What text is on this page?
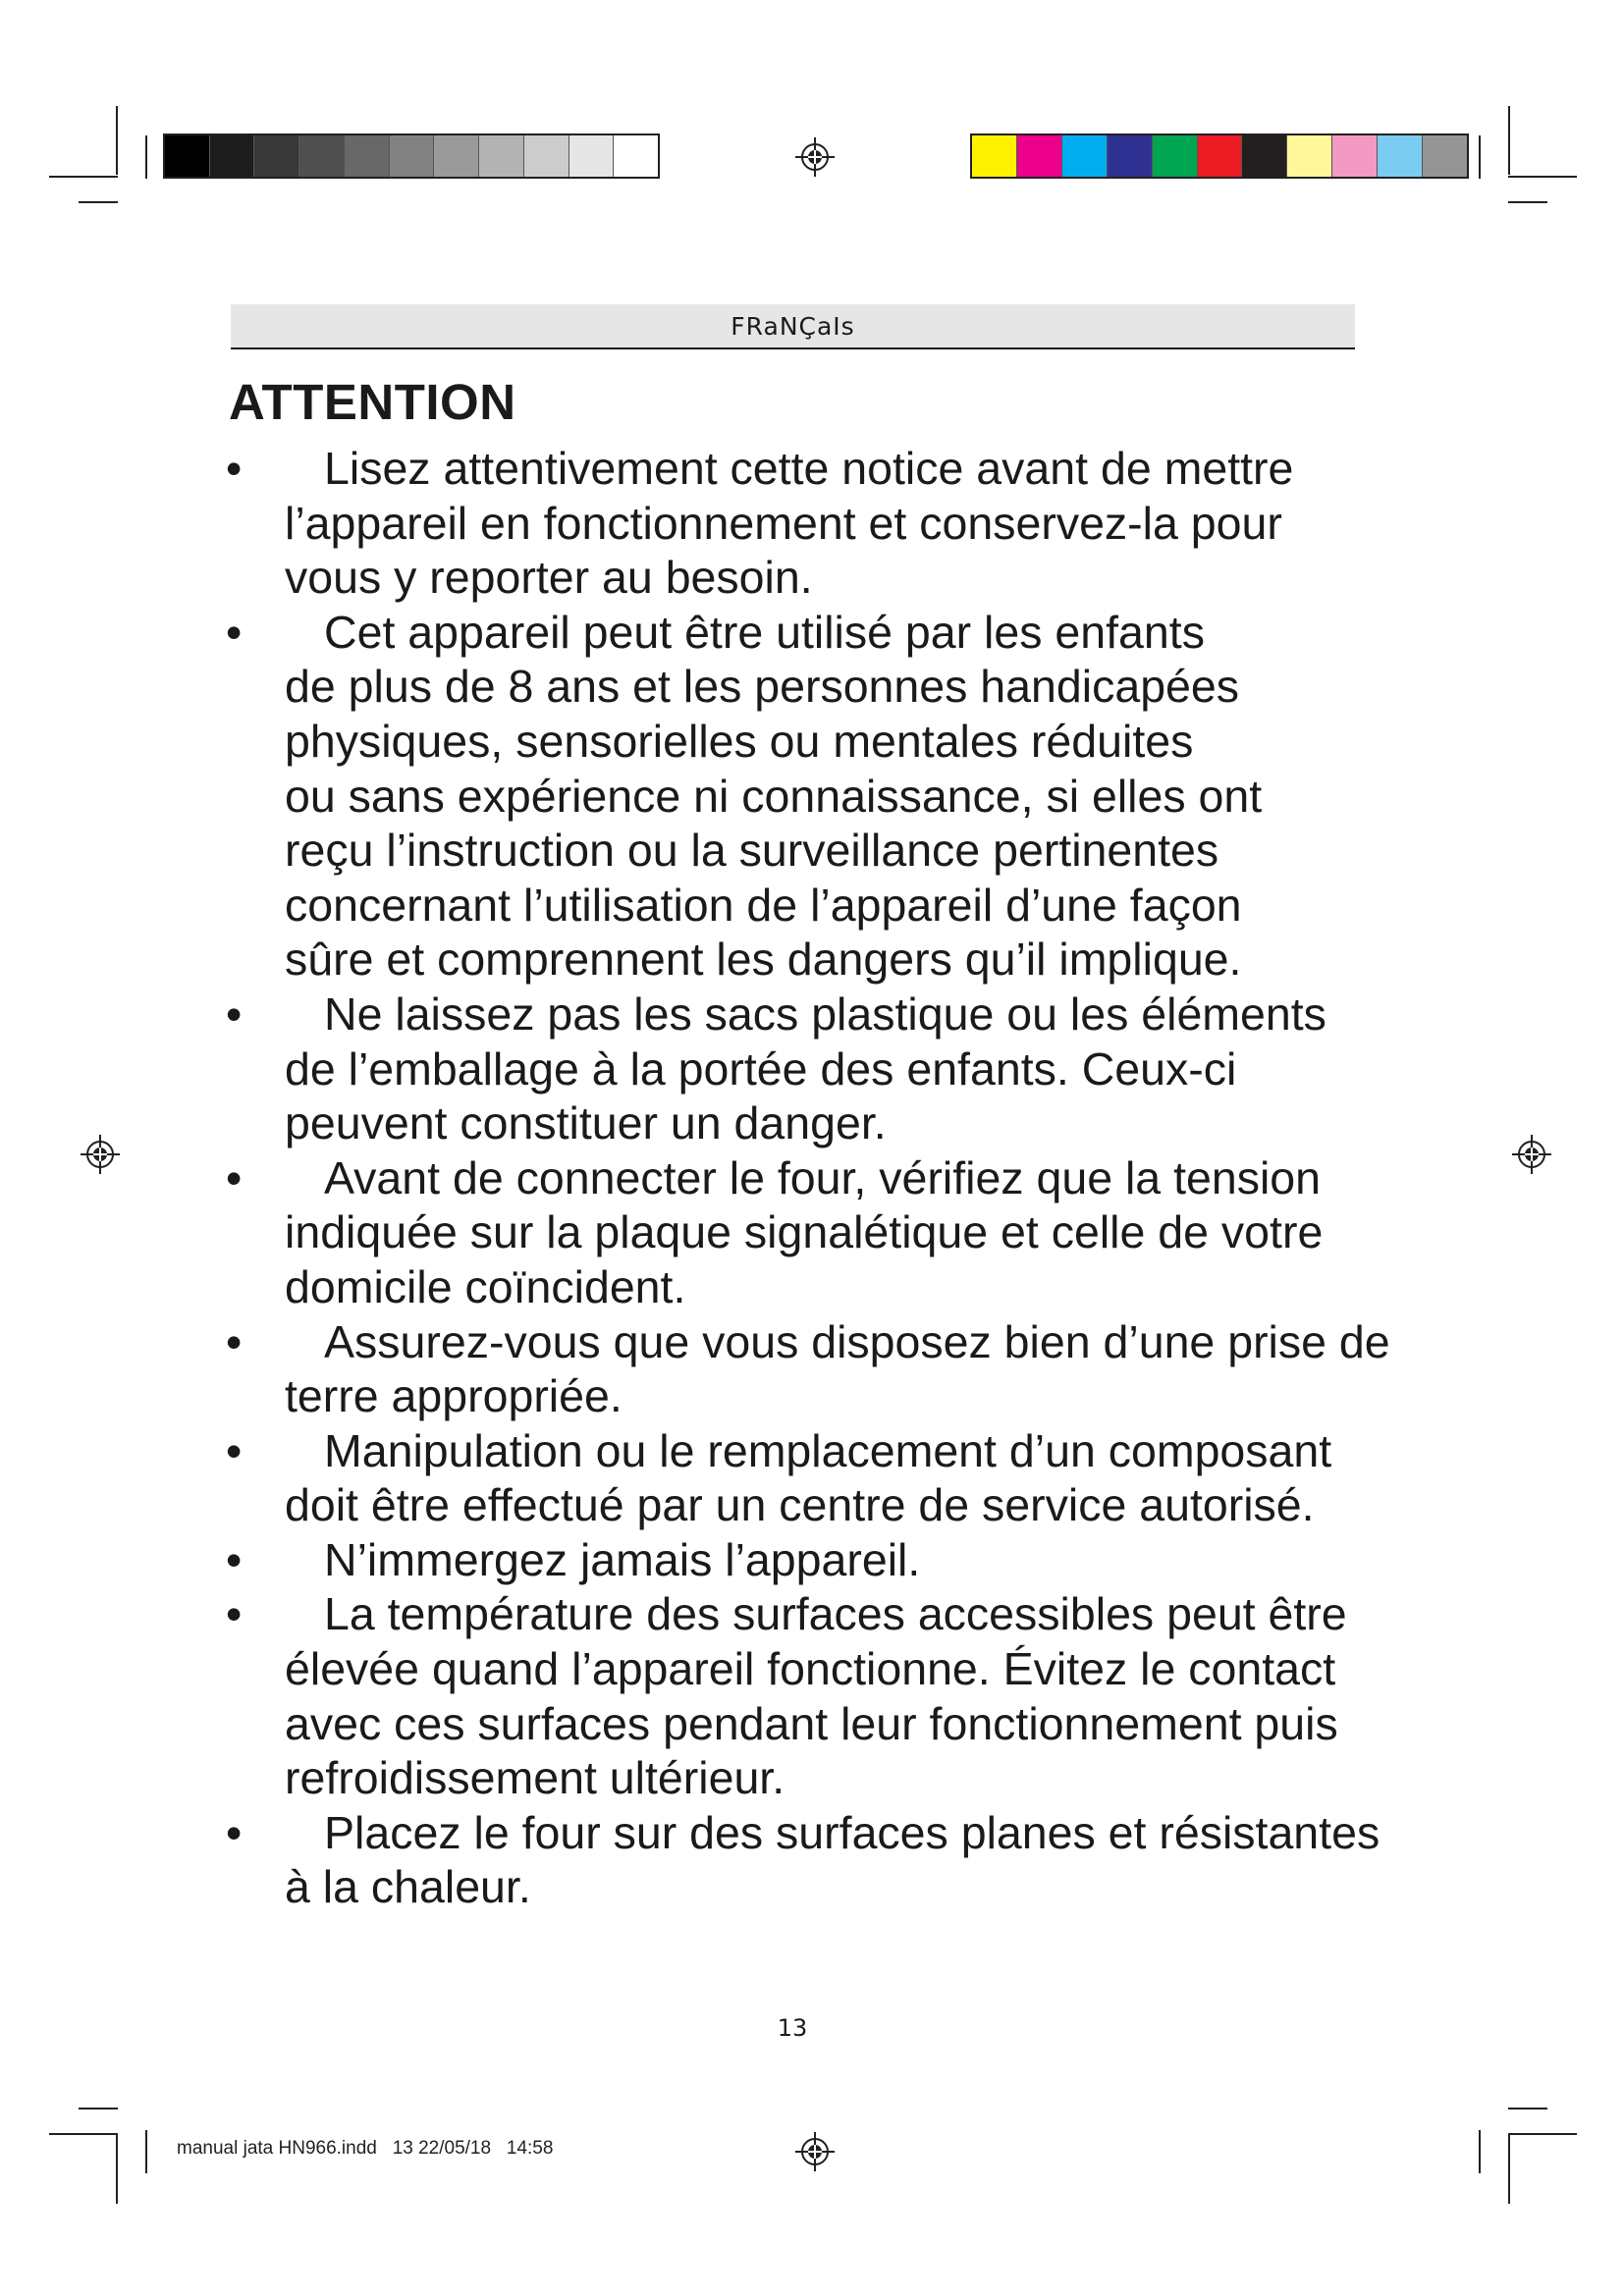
FRaNÇaIs
ATTENTION
•	Lisez attentivement cette notice avant de mettre
l’appareil en fonctionnement et conservez-la pour
vous y reporter au besoin.
•	Cet appareil peut être utilisé par les enfants
de plus de 8 ans et les personnes handicapées
physiques, sensorielles ou mentales réduites
ou sans expérience ni connaissance, si elles ont
reçu l’instruction ou la surveillance pertinentes
concernant l’utilisation de l’appareil d’une façon
sûre et comprennent les dangers qu’il implique.
•	Ne laissez pas les sacs plastique ou les éléments
de l’emballage à la portée des enfants. Ceux-ci
peuvent constituer un danger.
•	Avant de connecter le four, vérifiez que la tension
indiquée sur la plaque signalétique et celle de votre
domicile coïncident.
•	Assurez-vous que vous disposez bien d’une prise de
terre appropriée.
•	Manipulation ou le remplacement d’un composant
doit être effectué par un centre de service autorisé.
•	N’immergez jamais l’appareil.
•	La température des surfaces accessibles peut être
élevée quand l’appareil fonctionne. Évitez le contact
avec ces surfaces pendant leur fonctionnement puis
refroidissement ultérieur.
•	Placez le four sur des surfaces planes et résistantes
à la chaleur.
13
manual jata HN966.indd   13 22/05/18   14:58
